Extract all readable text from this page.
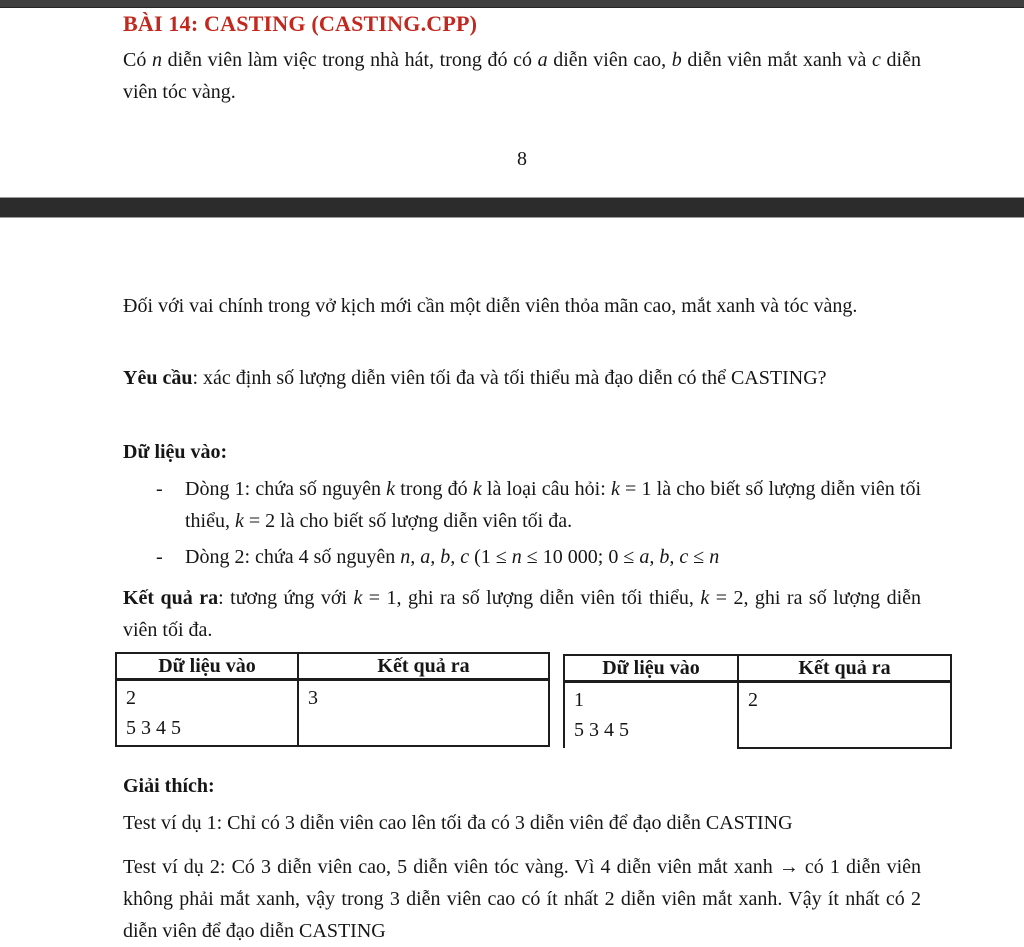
BÀI 14: CASTING (CASTING.CPP)
Có n diễn viên làm việc trong nhà hát, trong đó có a diễn viên cao, b diễn viên mắt xanh và c diễn viên tóc vàng.
8
Đối với vai chính trong vở kịch mới cần một diễn viên thỏa mãn cao, mắt xanh và tóc vàng.
Yêu cầu: xác định số lượng diễn viên tối đa và tối thiểu mà đạo diễn có thể CASTING?
Dữ liệu vào:
-	Dòng 1: chứa số nguyên k trong đó k là loại câu hỏi: k = 1 là cho biết số lượng diễn viên tối thiểu, k = 2 là cho biết số lượng diễn viên tối đa.
-	Dòng 2: chứa 4 số nguyên n, a, b, c (1 ≤ n ≤ 10 000; 0 ≤ a, b, c ≤ n
Kết quả ra: tương ứng với k = 1, ghi ra số lượng diễn viên tối thiểu, k = 2, ghi ra số lượng diễn viên tối đa.
Dữ liệu vào	Kết quả ra

2
5 3 4 5	3
Dữ liệu vào	Kết quả ra

1
5 3 4 5	2
Giải thích:
Test ví dụ 1: Chỉ có 3 diễn viên cao lên tối đa có 3 diễn viên để đạo diễn CASTING
Test ví dụ 2: Có 3 diễn viên cao, 5 diễn viên tóc vàng. Vì 4 diễn viên mắt xanh → có 1 diễn viên không phải mắt xanh, vậy trong 3 diễn viên cao có ít nhất 2 diễn viên mắt xanh. Vậy ít nhất có 2 diễn viên để đạo diễn CASTING
